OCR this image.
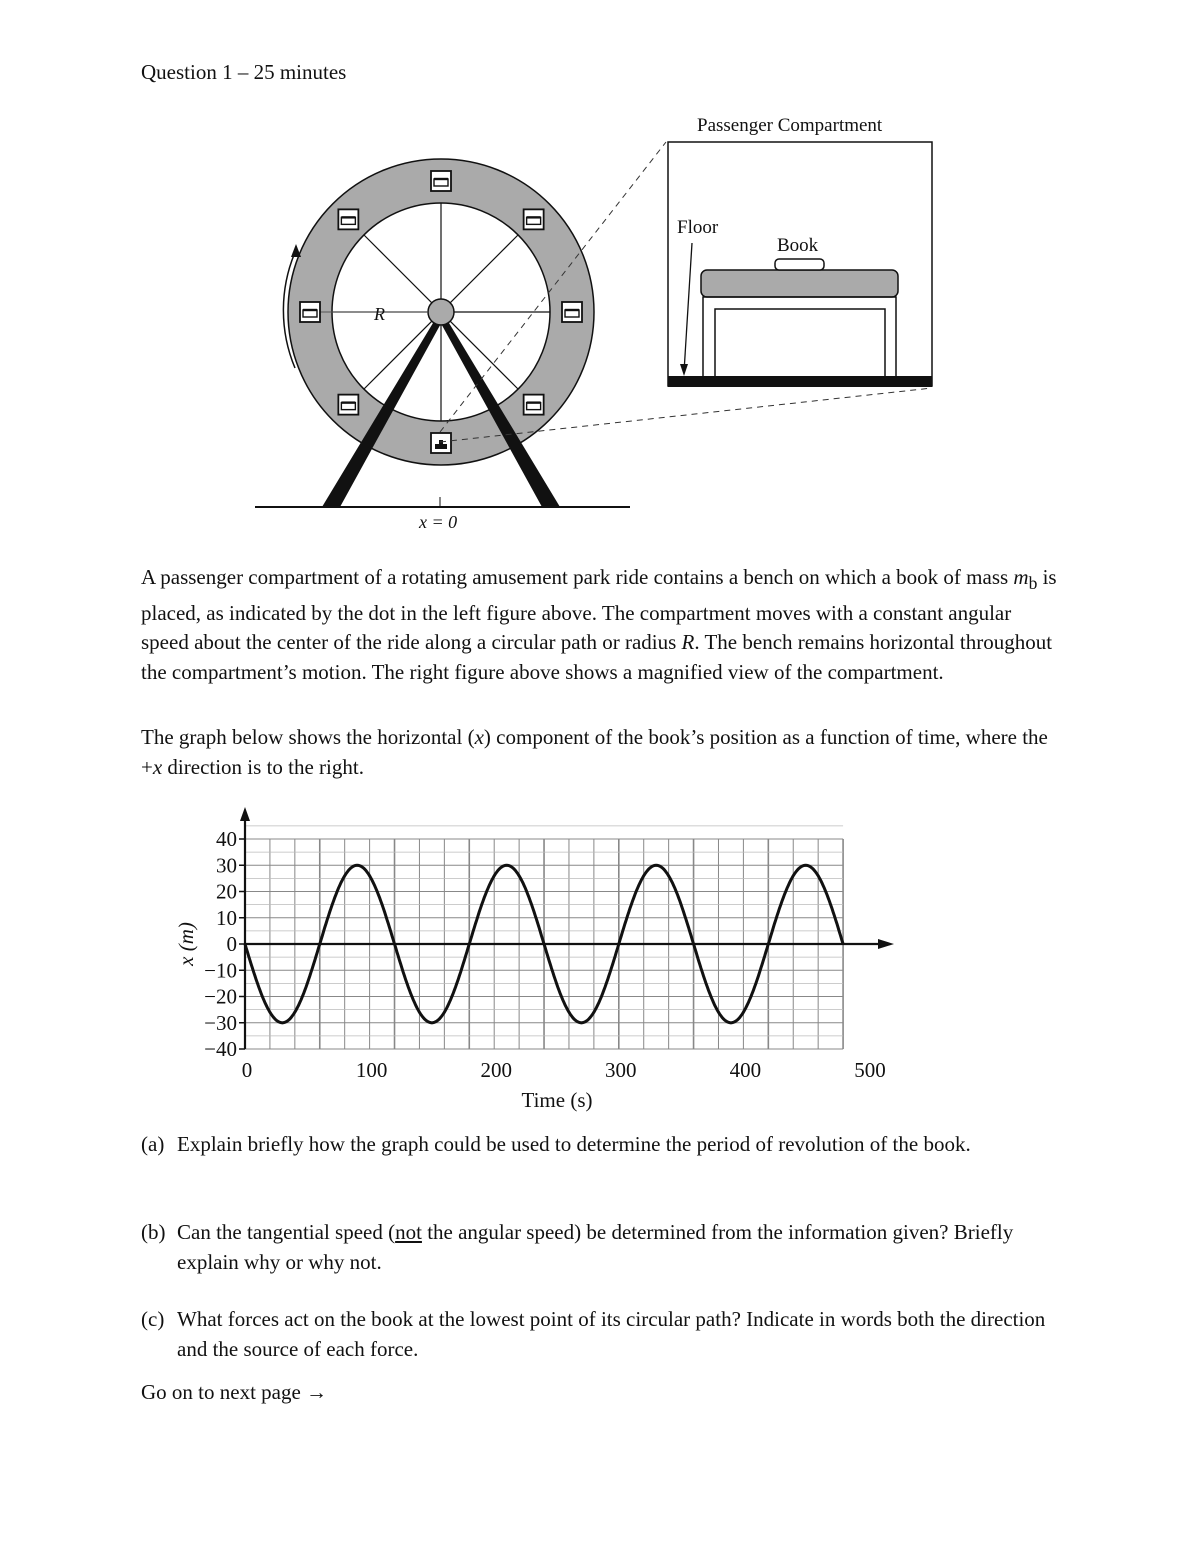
Question 1 – 25 minutes
R
x = 0
Passenger Compartment
Floor
Book
A passenger compartment of a rotating amusement park ride contains a bench on which a book of mass $m_b$ is placed, as indicated by the dot in the left figure above. The compartment moves with a constant angular speed about the center of the ride along a circular path or radius R. The bench remains horizontal throughout the compartment’s motion. The right figure above shows a magnified view of the compartment.
The graph below shows the horizontal (x) component of the book’s position as a function of time, where the +x direction is to the right.
40
30
20
10
0
−10
−20
−30
−40
0	100	200	300	400	500
x (m)
Time (s)
(a) Explain briefly how the graph could be used to determine the period of revolution of the book.
(b) Can the tangential speed (not the angular speed) be determined from the information given? Briefly explain why or why not.
(c) What forces act on the book at the lowest point of its circular path? Indicate in words both the direction and the source of each force.
Go on to next page →
